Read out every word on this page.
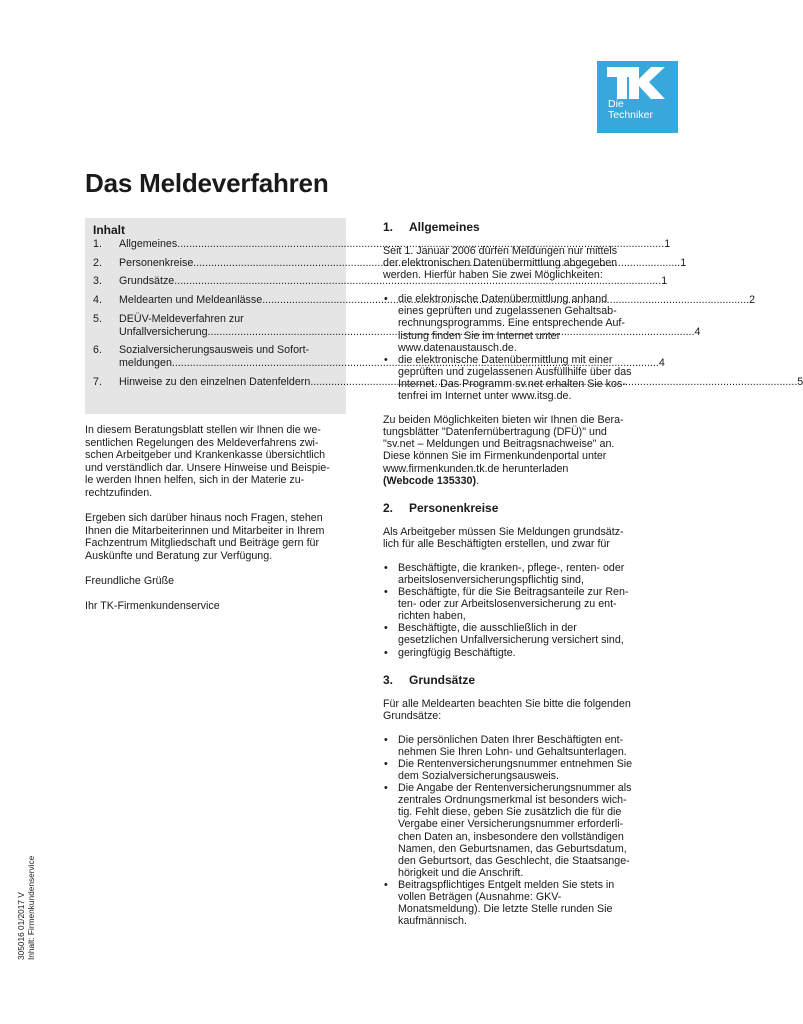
Die
Techniker
Das Meldeverfahren
Inhalt
1.	Allgemeines .....	1
2.	Personenkreise .....	1
3.	Grundsätze .....	1
4.	Meldearten und Meldeanlässe .....	2
5.	DEÜV-Meldeverfahren zur
Unfallversicherung .....	4
6.	Sozialversicherungsausweis und Sofort-
meldungen .....	4
7.	Hinweise zu den einzelnen Datenfeldern .....	5

In diesem Beratungsblatt stellen wir Ihnen die we-
sentlichen Regelungen des Meldeverfahrens zwi-
schen Arbeitgeber und Krankenkasse übersichtlich
und verständlich dar. Unsere Hinweise und Beispie-
le werden Ihnen helfen, sich in der Materie zu-
rechtzufinden.

Ergeben sich darüber hinaus noch Fragen, stehen
Ihnen die Mitarbeiterinnen und Mitarbeiter in Ihrem
Fachzentrum Mitgliedschaft und Beiträge gern für
Auskünfte und Beratung zur Verfügung.

Freundliche Grüße

Ihr TK-Firmenkundenservice

1.	Allgemeines

Seit 1. Januar 2006 dürfen Meldungen nur mittels
der elektronischen Datenübermittlung abgegeben
werden. Hierfür haben Sie zwei Möglichkeiten:

• die elektronische Datenübermittlung anhand
eines geprüften und zugelassenen Gehaltsab-
rechnungsprogramms. Eine entsprechende Auf-
listung finden Sie im Internet unter
www.datenaustausch.de.
• die elektronische Datenübermittlung mit einer
geprüften und zugelassenen Ausfüllhilfe über das
Internet. Das Programm sv.net erhalten Sie kos-
tenfrei im Internet unter www.itsg.de.

Zu beiden Möglichkeiten bieten wir Ihnen die Bera-
tungsblätter "Datenfernübertragung (DFÜ)" und
"sv.net – Meldungen und Beitragsnachweise" an.
Diese können Sie im Firmenkundenportal unter
www.firmenkunden.tk.de herunterladen
(Webcode 135330).

2.	Personenkreise

Als Arbeitgeber müssen Sie Meldungen grundsätz-
lich für alle Beschäftigten erstellen, und zwar für

• Beschäftigte, die kranken-, pflege-, renten- oder
arbeitslosenversicherungspflichtig sind,
• Beschäftigte, für die Sie Beitragsanteile zur Ren-
ten- oder zur Arbeitslosenversicherung zu ent-
richten haben,
• Beschäftigte, die ausschließlich in der
gesetzlichen Unfallversicherung versichert sind,
• geringfügig Beschäftigte.
3.	Grundsätze

Für alle Meldearten beachten Sie bitte die folgenden
Grundsätze:

• Die persönlichen Daten Ihrer Beschäftigten ent-
nehmen Sie Ihren Lohn- und Gehaltsunterlagen.
• Die Rentenversicherungsnummer entnehmen Sie
dem Sozialversicherungsausweis.
• Die Angabe der Rentenversicherungsnummer als
zentrales Ordnungsmerkmal ist besonders wich-
tig. Fehlt diese, geben Sie zusätzlich die für die
Vergabe einer Versicherungsnummer erforderli-
chen Daten an, insbesondere den vollständigen
Namen, den Geburtsnamen, das Geburtsdatum,
den Geburtsort, das Geschlecht, die Staatsange-
hörigkeit und die Anschrift.
• Beitragspflichtiges Entgelt melden Sie stets in
vollen Beträgen (Ausnahme: GKV-
Monatsmeldung). Die letzte Stelle runden Sie
kaufmännisch.
305016 01/2017 V Inhalt: Firmenkundenservice
